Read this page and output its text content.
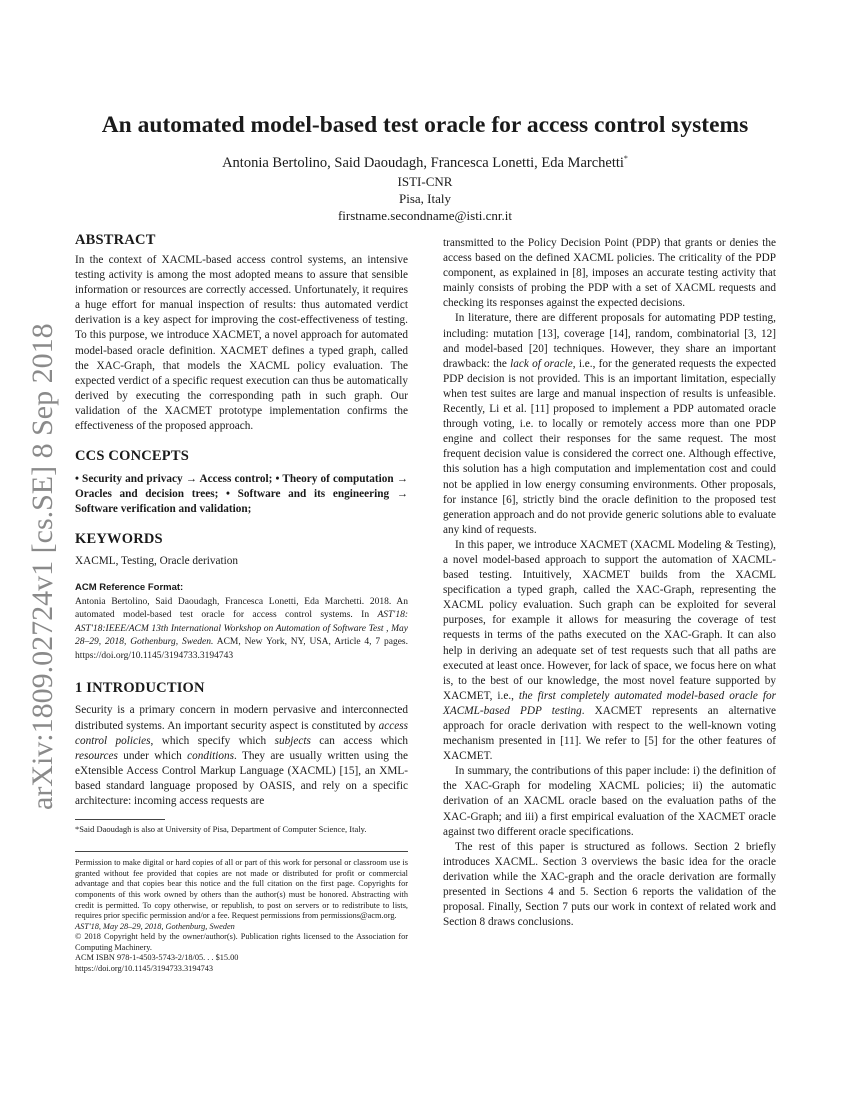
arXiv:1809.02724v1 [cs.SE] 8 Sep 2018
An automated model-based test oracle for access control systems
Antonia Bertolino, Said Daoudagh, Francesca Lonetti, Eda Marchetti*
ISTI-CNR
Pisa, Italy
firstname.secondname@isti.cnr.it
ABSTRACT

In the context of XACML-based access control systems, an intensive testing activity is among the most adopted means to assure that sensible information or resources are correctly accessed. Unfortunately, it requires a huge effort for manual inspection of results: thus automated verdict derivation is a key aspect for improving the cost-effectiveness of testing. To this purpose, we introduce XACMET, a novel approach for automated model-based oracle definition. XACMET defines a typed graph, called the XAC-Graph, that models the XACML policy evaluation. The expected verdict of a specific request execution can thus be automatically derived by executing the corresponding path in such graph. Our validation of the XACMET prototype implementation confirms the effectiveness of the proposed approach.

CCS CONCEPTS
• Security and privacy → Access control; • Theory of computation → Oracles and decision trees; • Software and its engineering → Software verification and validation;
KEYWORDS

XACML, Testing, Oracle derivation

ACM Reference Format:

Antonia Bertolino, Said Daoudagh, Francesca Lonetti, Eda Marchetti. 2018. An automated model-based test oracle for access control systems. In AST'18: AST'18:IEEE/ACM 13th International Workshop on Automation of Software Test , May 28–29, 2018, Gothenburg, Sweden. ACM, New York, NY, USA, Article 4, 7 pages. https://doi.org/10.1145/3194733.3194743

1 INTRODUCTION

Security is a primary concern in modern pervasive and interconnected distributed systems. An important security aspect is constituted by access control policies, which specify which subjects can access which resources under which conditions. They are usually written using the eXtensible Access Control Markup Language (XACML) [15], an XML-based standard language proposed by OASIS, and rely on a specific architecture: incoming access requests are

*Said Daoudagh is also at University of Pisa, Department of Computer Science, Italy.

Permission to make digital or hard copies of all or part of this work for personal or classroom use is granted without fee provided that copies are not made or distributed for profit or commercial advantage and that copies bear this notice and the full citation on the first page. Copyrights for components of this work owned by others than the author(s) must be honored. Abstracting with credit is permitted. To copy otherwise, or republish, to post on servers or to redistribute to lists, requires prior specific permission and/or a fee. Request permissions from permissions@acm.org.

AST'18, May 28–29, 2018, Gothenburg, Sweden

© 2018 Copyright held by the owner/author(s). Publication rights licensed to the Association for Computing Machinery.

ACM ISBN 978-1-4503-5743-2/18/05. . . $15.00

https://doi.org/10.1145/3194733.3194743

transmitted to the Policy Decision Point (PDP) that grants or denies the access based on the defined XACML policies. The criticality of the PDP component, as explained in [8], imposes an accurate testing activity that mainly consists of probing the PDP with a set of XACML requests and checking its responses against the expected decisions.

In literature, there are different proposals for automating PDP testing, including: mutation [13], coverage [14], random, combinatorial [3, 12] and model-based [20] techniques. However, they share an important drawback: the lack of oracle, i.e., for the generated requests the expected PDP decision is not provided. This is an important limitation, especially when test suites are large and manual inspection of results is unfeasible. Recently, Li et al. [11] proposed to implement a PDP automated oracle through voting, i.e. to locally or remotely access more than one PDP engine and collect their responses for the same request. The most frequent decision value is considered the correct one. Although effective, this solution has a high computation and implementation cost and could not be applied in low energy consuming environments. Other proposals, for instance [6], strictly bind the oracle definition to the proposed test generation approach and do not provide generic solutions able to evaluate any kind of requests.

In this paper, we introduce XACMET (XACML Modeling & Testing), a novel model-based approach to support the automation of XACML-based testing. Intuitively, XACMET builds from the XACML specification a typed graph, called the XAC-Graph, representing the XACML policy evaluation. Such graph can be exploited for several purposes, for example it allows for measuring the coverage of test requests in terms of the paths executed on the XAC-Graph. It can also help in deriving an adequate set of test requests such that all paths are executed at least once. However, for lack of space, we focus here on what is, to the best of our knowledge, the most novel feature supported by XACMET, i.e., the first completely automated model-based oracle for XACML-based PDP testing. XACMET represents an alternative approach for oracle derivation with respect to the well-known voting mechanism presented in [11]. We refer to [5] for the other features of XACMET.

In summary, the contributions of this paper include: i) the definition of the XAC-Graph for modeling XACML policies; ii) the automatic derivation of an XACML oracle based on the evaluation paths of the XAC-Graph; and iii) a first empirical evaluation of the XACMET oracle against two different oracle specifications.

The rest of this paper is structured as follows. Section 2 briefly introduces XACML. Section 3 overviews the basic idea for the oracle derivation while the XAC-graph and the oracle derivation are formally presented in Sections 4 and 5. Section 6 reports the validation of the proposal. Finally, Section 7 puts our work in context of related work and Section 8 draws conclusions.
